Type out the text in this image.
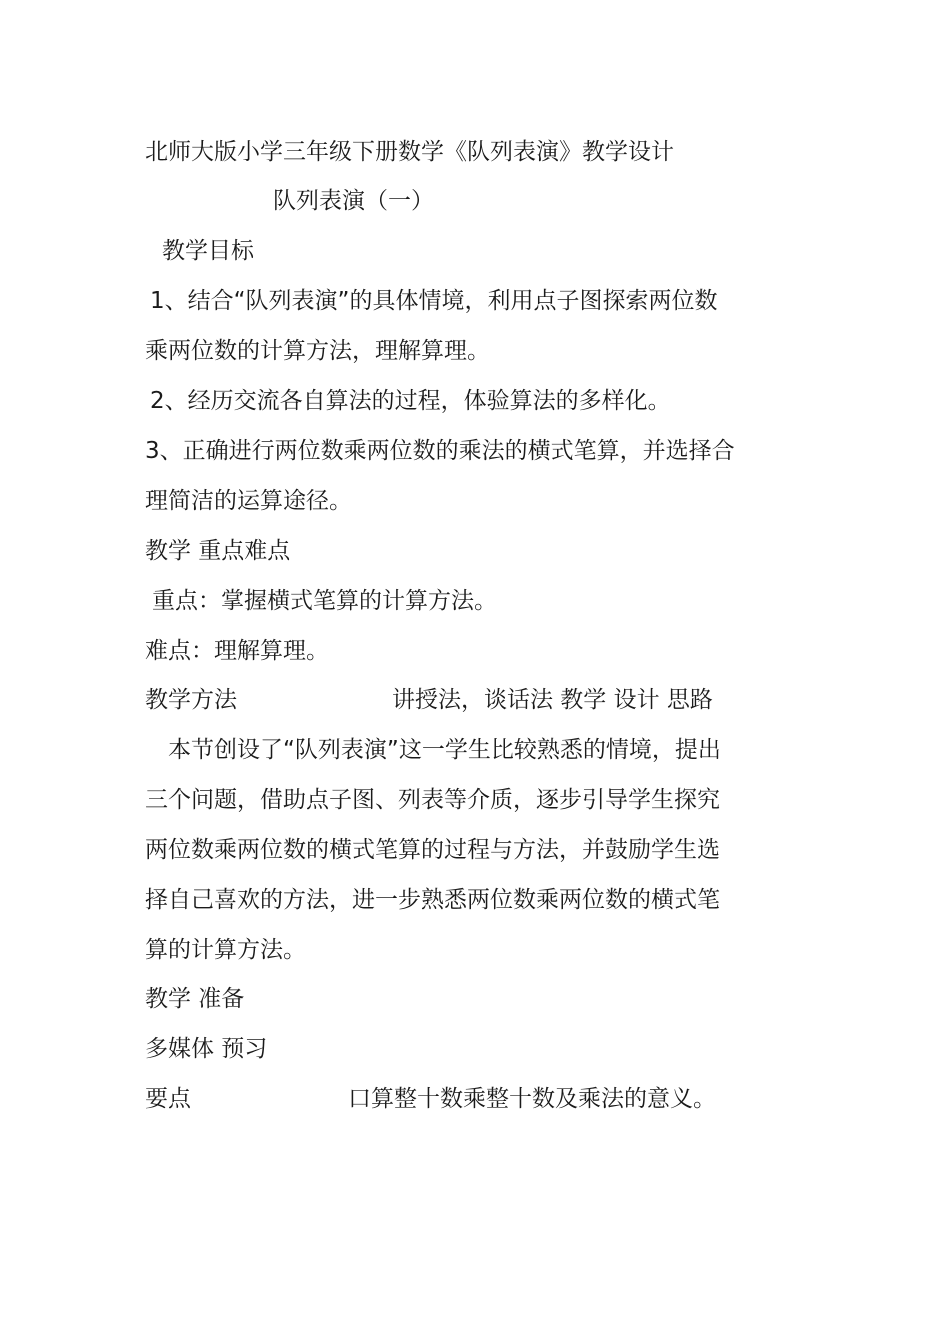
北师大版小学三年级下册数学《队列表演》教学设计
队列表演（一）
教学目标
1、结合“队列表演”的具体情境，利用点子图探索两位数
乘两位数的计算方法，理解算理。
2、经历交流各自算法的过程，体验算法的多样化。
3、正确进行两位数乘两位数的乘法的横式笔算，并选择合
理简洁的运算途径。
教学 重点难点
重点：掌握横式笔算的计算方法。
难点：理解算理。
教学方法	讲授法，谈话法 教学 设计 思路
本节创设了“队列表演”这一学生比较熟悉的情境，提出
三个问题，借助点子图、列表等介质，逐步引导学生探究
两位数乘两位数的横式笔算的过程与方法，并鼓励学生选
择自己喜欢的方法，进一步熟悉两位数乘两位数的横式笔
算的计算方法。
教学 准备
多媒体 预习
要点	口算整十数乘整十数及乘法的意义。
